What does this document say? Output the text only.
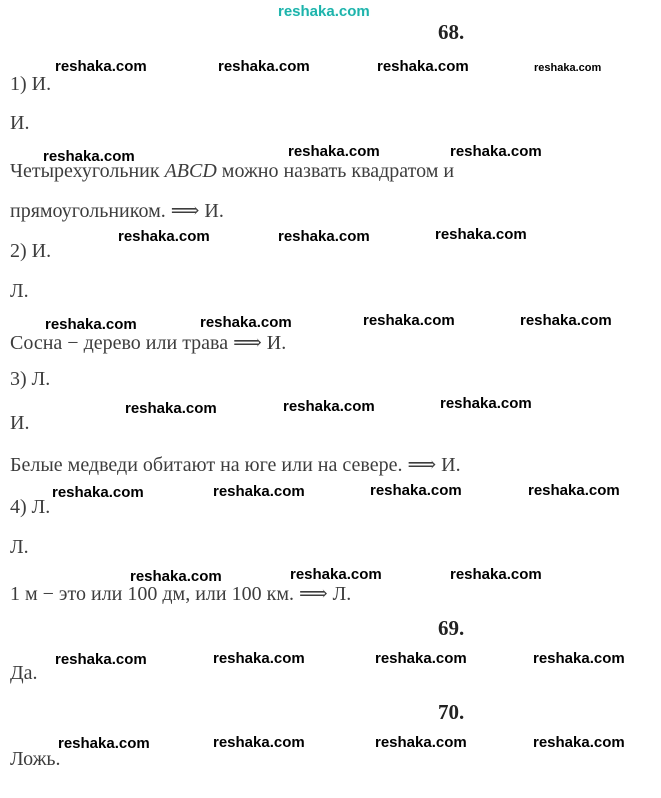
reshaka.com
68.
reshaka.com	reshaka.com	reshaka.com	reshaka.com
1) И.
И.
reshaka.com	reshaka.com	reshaka.com
Четырехугольник ABCD можно назвать квадратом и
прямоугольником. ⟹ И.
reshaka.com	reshaka.com	reshaka.com
2) И.
Л.
reshaka.com	reshaka.com	reshaka.com	reshaka.com
Сосна − дерево или трава ⟹ И.
3) Л.
reshaka.com	reshaka.com	reshaka.com
И.
Белые медведи обитают на юге или на севере. ⟹ И.
reshaka.com	reshaka.com	reshaka.com	reshaka.com
4) Л.
Л.
reshaka.com	reshaka.com	reshaka.com
1 м − это или 100 дм, или 100 км. ⟹ Л.
69.
reshaka.com	reshaka.com	reshaka.com	reshaka.com
Да.
70.
reshaka.com	reshaka.com	reshaka.com	reshaka.com
Ложь.
